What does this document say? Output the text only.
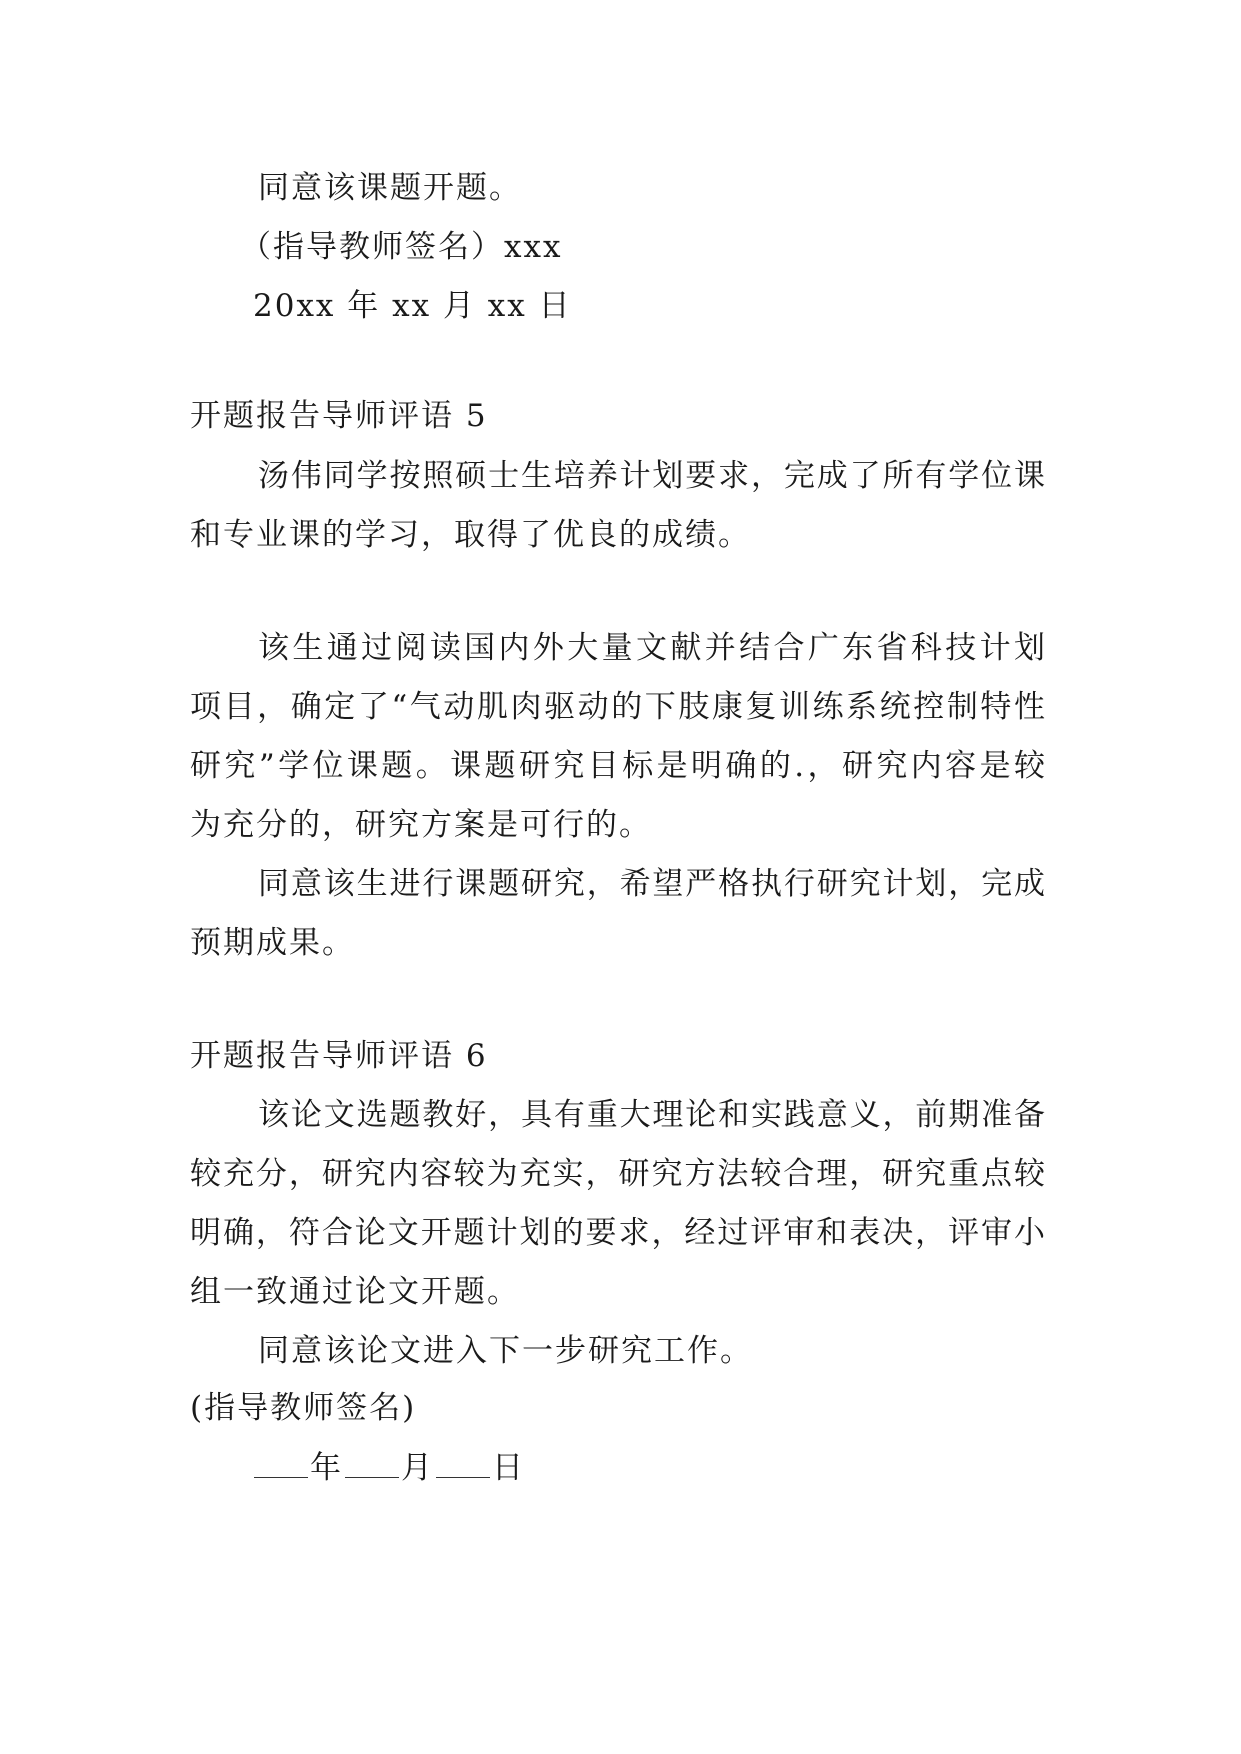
同意该课题开题。
（指导教师签名）xxx
20xx 年 xx 月 xx 日
开题报告导师评语 5
汤伟同学按照硕士生培养计划要求，完成了所有学位课
和专业课的学习，取得了优良的成绩。
该生通过阅读国内外大量文献并结合广东省科技计划
项目，确定了“气动肌肉驱动的下肢康复训练系统控制特性
研究”学位课题。课题研究目标是明确的.，研究内容是较
为充分的，研究方案是可行的。
同意该生进行课题研究，希望严格执行研究计划，完成
预期成果。
开题报告导师评语 6
该论文选题教好，具有重大理论和实践意义，前期准备
较充分，研究内容较为充实，研究方法较合理，研究重点较
明确，符合论文开题计划的要求，经过评审和表决，评审小
组一致通过论文开题。
同意该论文进入下一步研究工作。
(指导教师签名)
年 月 日
